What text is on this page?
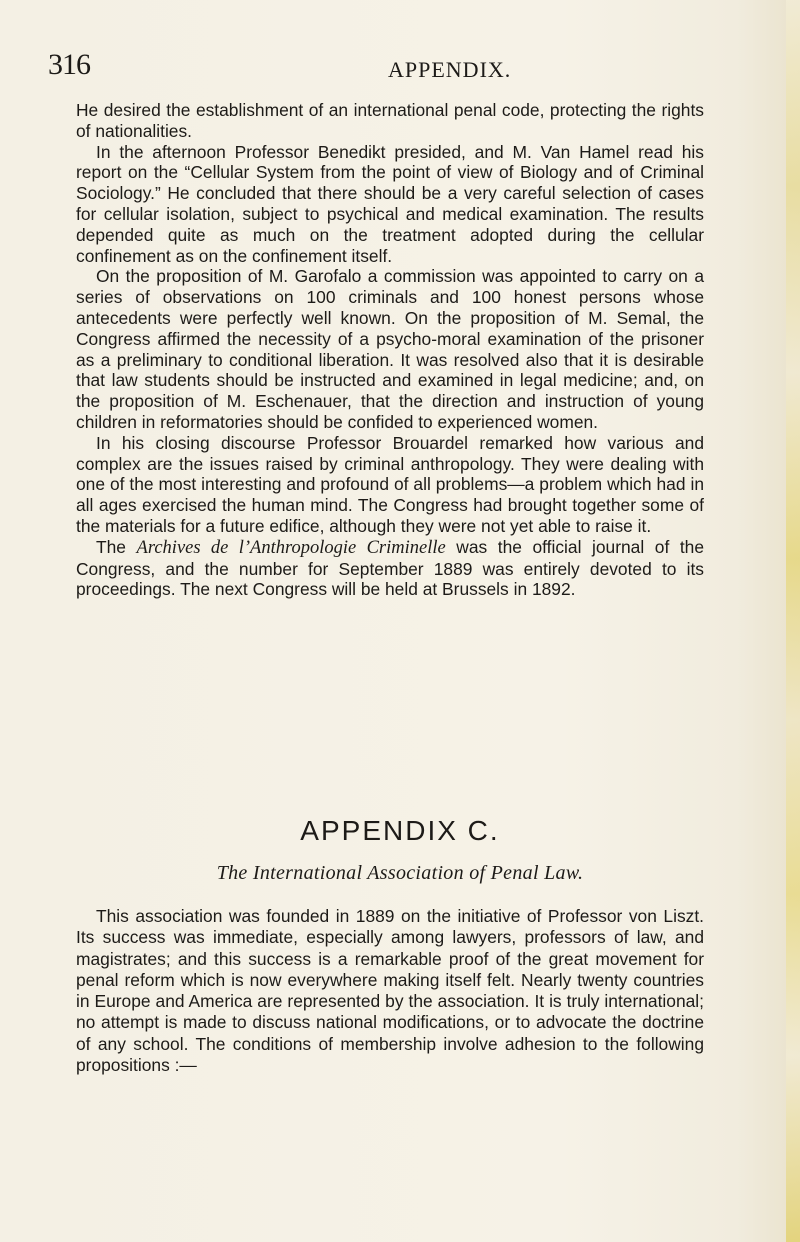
316	APPENDIX.

He desired the establishment of an international penal code, protecting the rights of nationalities.

In the afternoon Professor Benedikt presided, and M. Van Hamel read his report on the “Cellular System from the point of view of Biology and of Criminal Sociology.” He concluded that there should be a very careful selection of cases for cellular isolation, subject to psychical and medical examination. The results depended quite as much on the treatment adopted during the cellular confinement as on the confinement itself.

On the proposition of M. Garofalo a commission was appointed to carry on a series of observations on 100 criminals and 100 honest persons whose antecedents were perfectly well known. On the proposition of M. Semal, the Congress affirmed the necessity of a psycho-moral examination of the prisoner as a preliminary to conditional liberation. It was resolved also that it is desirable that law students should be instructed and examined in legal medicine; and, on the proposition of M. Eschenauer, that the direction and instruction of young children in reformatories should be confided to experienced women.

In his closing discourse Professor Brouardel remarked how various and complex are the issues raised by criminal anthropology. They were dealing with one of the most interesting and profound of all problems—a problem which had in all ages exercised the human mind. The Congress had brought together some of the materials for a future edifice, although they were not yet able to raise it.

The Archives de l’Anthropologie Criminelle was the official journal of the Congress, and the number for September 1889 was entirely devoted to its proceedings. The next Congress will be held at Brussels in 1892.

APPENDIX C.
The International Association of Penal Law.

This association was founded in 1889 on the initiative of Professor von Liszt. Its success was immediate, especially among lawyers, professors of law, and magistrates; and this success is a remarkable proof of the great movement for penal reform which is now everywhere making itself felt. Nearly twenty countries in Europe and America are represented by the association. It is truly international; no attempt is made to discuss national modifications, or to advocate the doctrine of any school. The conditions of membership involve adhesion to the following propositions :—
